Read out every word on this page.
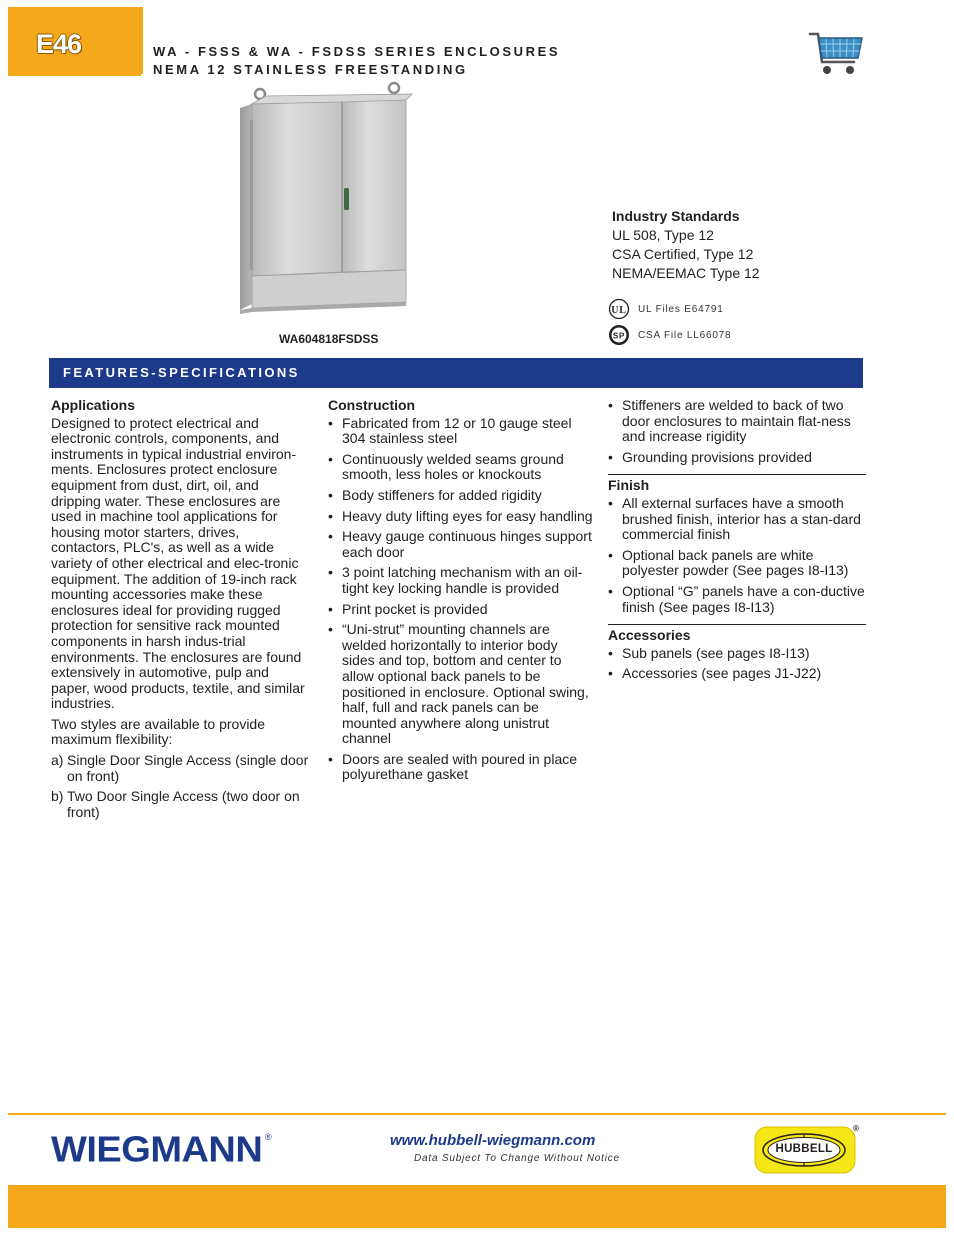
E46	WA - FSSS & WA - FSDSS SERIES ENCLOSURES
NEMA 12 STAINLESS FREESTANDING
WA604818FSDSS
Industry Standards
UL 508, Type 12
CSA Certified, Type 12
NEMA/EEMAC Type 12
UL UL Files E64791
SP CSA File LL66078
FEATURES-SPECIFICATIONS
Applications
Designed to protect electrical and electronic controls, components, and instruments in typical industrial environ-ments. Enclosures protect enclosure equipment from dust, dirt, oil, and dripping water. These enclosures are used in machine tool applications for housing motor starters, drives, contactors, PLC's, as well as a wide variety of other electrical and elec-tronic equipment. The addition of 19-inch rack mounting accessories make these enclosures ideal for providing rugged protection for sensitive rack mounted components in harsh indus-trial environments. The enclosures are found extensively in automotive, pulp and paper, wood products, textile, and similar industries.
Two styles are available to provide maximum flexibility:
a) Single Door Single Access (single door on front)
b) Two Door Single Access (two door on front)
Construction
• Fabricated from 12 or 10 gauge steel 304 stainless steel
• Continuously welded seams ground smooth, less holes or knockouts
• Body stiffeners for added rigidity
• Heavy duty lifting eyes for easy handling
• Heavy gauge continuous hinges support each door
• 3 point latching mechanism with an oil-tight key locking handle is provided
• Print pocket is provided
• “Uni-strut” mounting channels are welded horizontally to interior body sides and top, bottom and center to allow optional back panels to be positioned in enclosure. Optional swing, half, full and rack panels can be mounted anywhere along unistrut channel
• Doors are sealed with poured in place polyurethane gasket
• Stiffeners are welded to back of two door enclosures to maintain flat-ness and increase rigidity
• Grounding provisions provided
Finish
• All external surfaces have a smooth brushed finish, interior has a stan-dard commercial finish
• Optional back panels are white polyester powder (See pages I8-I13)
• Optional “G” panels have a con-ductive finish (See pages I8-I13)
Accessories
• Sub panels (see pages I8-I13)
• Accessories (see pages J1-J22)
WIEGMANN ®	www.hubbell-wiegmann.com
Data Subject To Change Without Notice
HUBBELL
®
